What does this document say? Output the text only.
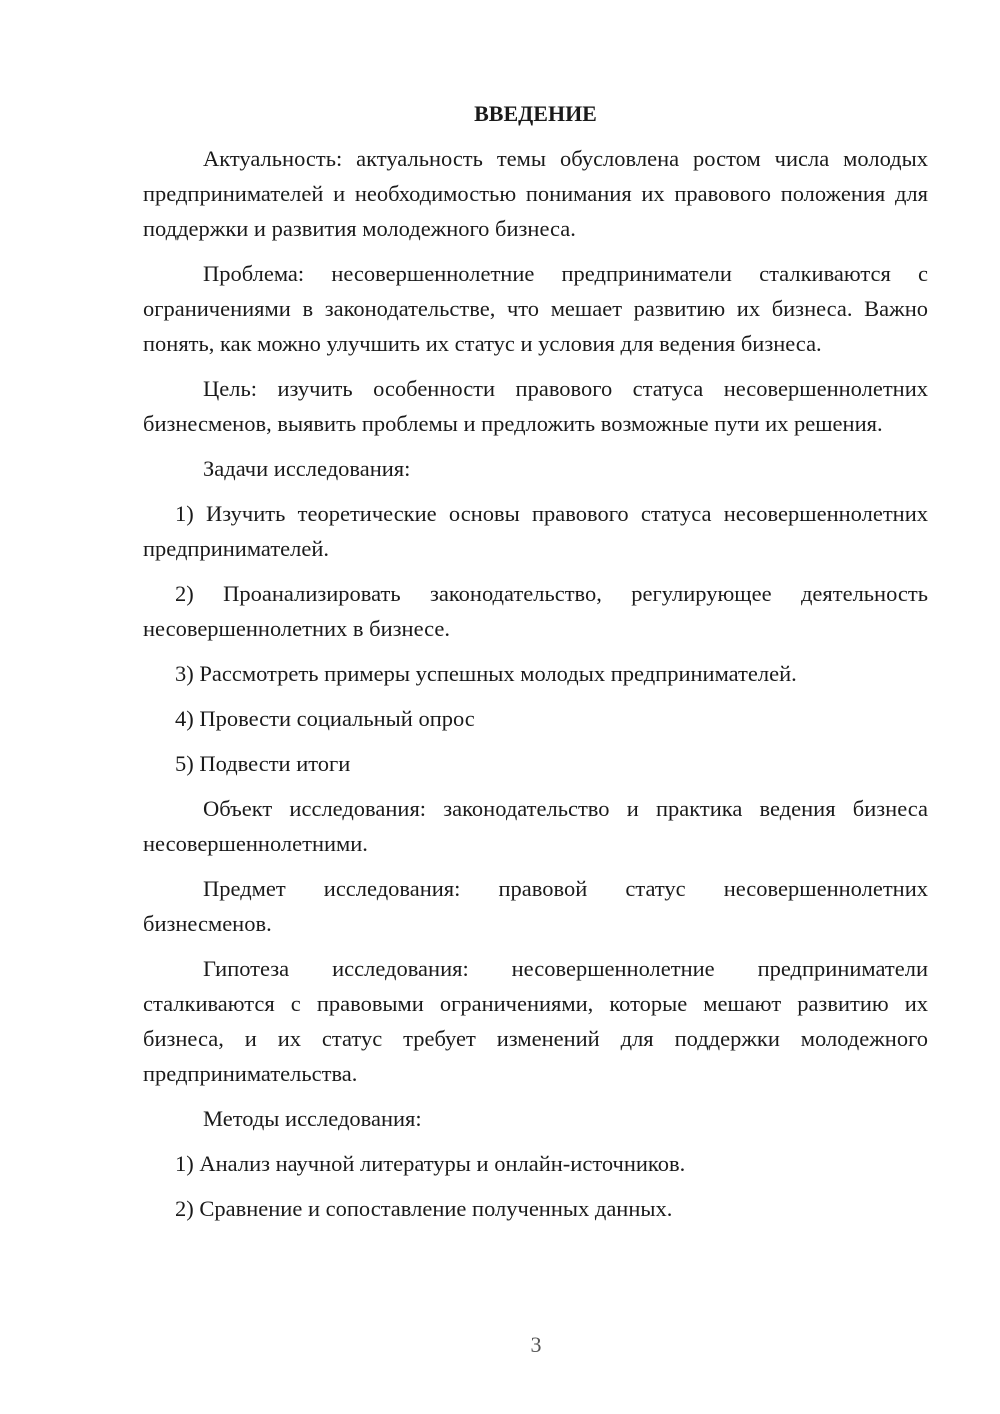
ВВЕДЕНИЕ

Актуальность: актуальность темы обусловлена ростом числа молодых предпринимателей и необходимостью понимания их правового положения для поддержки и развития молодежного бизнеса.

Проблема: несовершеннолетние предприниматели сталкиваются с ограничениями в законодательстве, что мешает развитию их бизнеса. Важно понять, как можно улучшить их статус и условия для ведения бизнеса.

Цель: изучить особенности правового статуса несовершеннолетних бизнесменов, выявить проблемы и предложить возможные пути их решения.

Задачи исследования:

1) Изучить теоретические основы правового статуса несовершеннолетних предпринимателей.

2) Проанализировать законодательство, регулирующее деятельность несовершеннолетних в бизнесе.

3) Рассмотреть примеры успешных молодых предпринимателей.

4) Провести социальный опрос

5) Подвести итоги

Объект исследования: законодательство и практика ведения бизнеса несовершеннолетними.

Предмет исследования: правовой статус несовершеннолетних бизнесменов.

Гипотеза исследования: несовершеннолетние предприниматели сталкиваются с правовыми ограничениями, которые мешают развитию их бизнеса, и их статус требует изменений для поддержки молодежного предпринимательства.

Методы исследования:

1) Анализ научной литературы и онлайн-источников.

2) Сравнение и сопоставление полученных данных.

3
